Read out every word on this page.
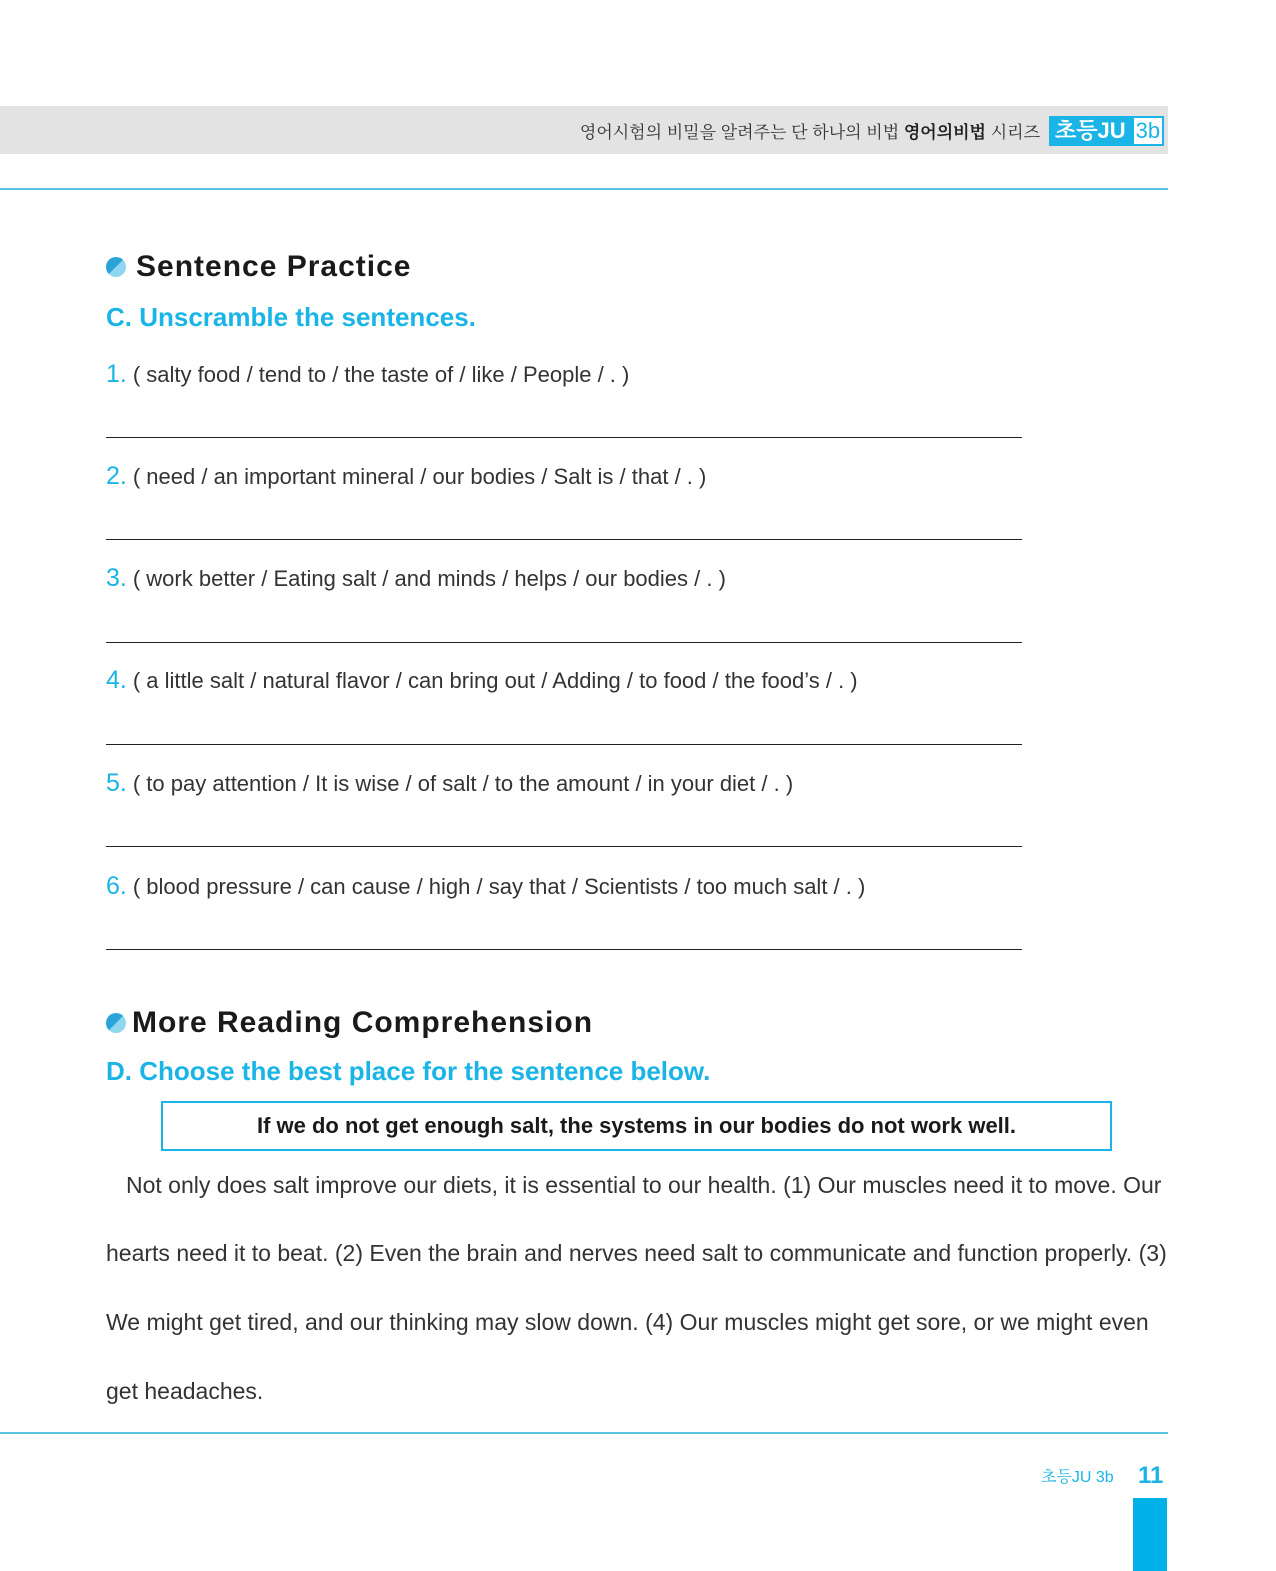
영어시험의 비밀을 알려주는 단 하나의 비법 영어의비법 시리즈 초등JU 3b
Sentence Practice
C. Unscramble the sentences.
1. ( salty food / tend to / the taste of / like / People / . )
2. ( need / an important mineral / our bodies / Salt is / that / . )
3. ( work better / Eating salt / and minds / helps / our bodies / . )
4. ( a little salt / natural flavor / can bring out / Adding / to food / the food’s / . )
5. ( to pay attention / It is wise / of salt / to the amount / in your diet / . )
6. ( blood pressure / can cause / high / say that / Scientists / too much salt / . )
More Reading Comprehension
D. Choose the best place for the sentence below.
If we do not get enough salt, the systems in our bodies do not work well.
Not only does salt improve our diets, it is essential to our health. (1) Our muscles need it to move. Our
hearts need it to beat. (2) Even the brain and nerves need salt to communicate and function properly. (3)
We might get tired, and our thinking may slow down. (4) Our muscles might get sore, or we might even
get headaches.
초등JU 3b 11
